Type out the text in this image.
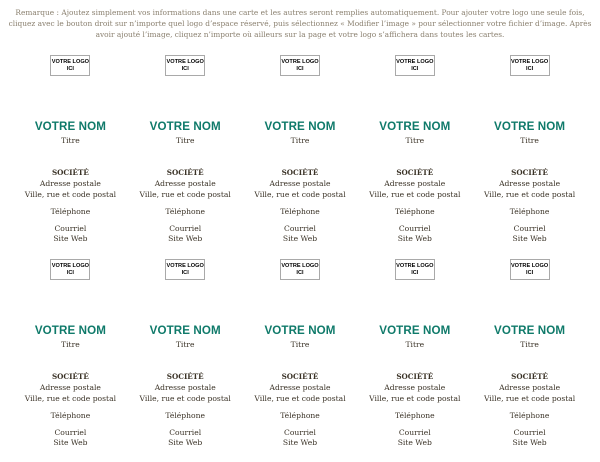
Remarque : Ajoutez simplement vos informations dans une carte et les autres seront remplies automatiquement. Pour ajouter votre logo une seule fois, cliquez avec le bouton droit sur n’importe quel logo d’espace réservé, puis sélectionnez « Modifier l’image » pour sélectionner votre fichier d’image. Après avoir ajouté l’image, cliquez n’importe où ailleurs sur la page et votre logo s’affichera dans toutes les cartes.
VOTRE LOGO
ICI
VOTRE NOM
Titre
SOCIÉTÉ
Adresse postale
Ville, rue et code postal
Téléphone
Courriel
Site Web
VOTRE LOGO
ICI
VOTRE NOM
Titre
SOCIÉTÉ
Adresse postale
Ville, rue et code postal
Téléphone
Courriel
Site Web
VOTRE LOGO
ICI
VOTRE NOM
Titre
SOCIÉTÉ
Adresse postale
Ville, rue et code postal
Téléphone
Courriel
Site Web
VOTRE LOGO
ICI
VOTRE NOM
Titre
SOCIÉTÉ
Adresse postale
Ville, rue et code postal
Téléphone
Courriel
Site Web
VOTRE LOGO
ICI
VOTRE NOM
Titre
SOCIÉTÉ
Adresse postale
Ville, rue et code postal
Téléphone
Courriel
Site Web
VOTRE LOGO
ICI
VOTRE NOM
Titre
SOCIÉTÉ
Adresse postale
Ville, rue et code postal
Téléphone
Courriel
Site Web
VOTRE LOGO
ICI
VOTRE NOM
Titre
SOCIÉTÉ
Adresse postale
Ville, rue et code postal
Téléphone
Courriel
Site Web
VOTRE LOGO
ICI
VOTRE NOM
Titre
SOCIÉTÉ
Adresse postale
Ville, rue et code postal
Téléphone
Courriel
Site Web
VOTRE LOGO
ICI
VOTRE NOM
Titre
SOCIÉTÉ
Adresse postale
Ville, rue et code postal
Téléphone
Courriel
Site Web
VOTRE LOGO
ICI
VOTRE NOM
Titre
SOCIÉTÉ
Adresse postale
Ville, rue et code postal
Téléphone
Courriel
Site Web
